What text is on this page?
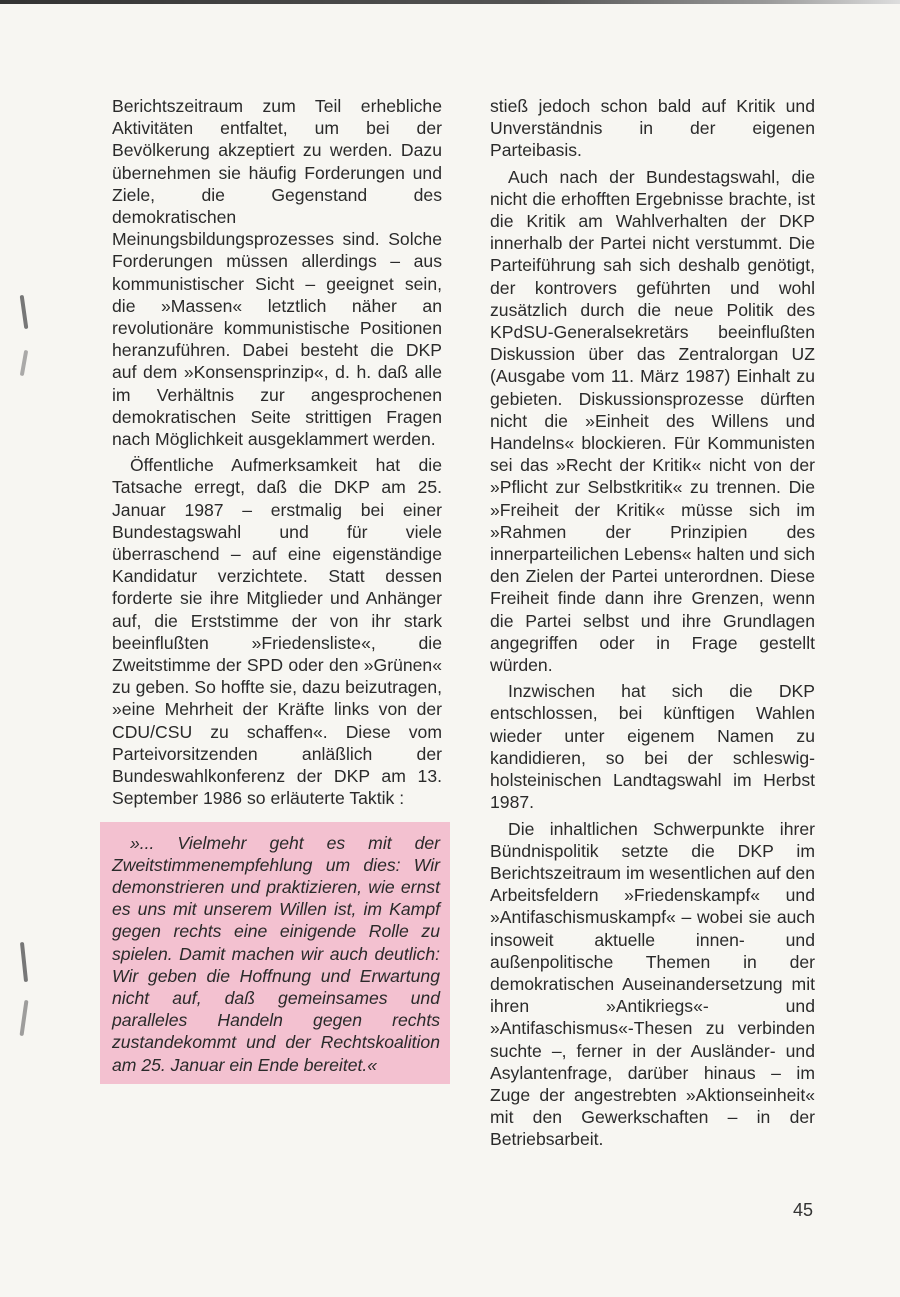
Berichtszeitraum zum Teil erhebliche Aktivitäten entfaltet, um bei der Bevölkerung akzeptiert zu werden. Dazu übernehmen sie häufig Forderungen und Ziele, die Gegenstand des demokratischen Meinungsbildungsprozesses sind. Solche Forderungen müssen allerdings – aus kommunistischer Sicht – geeignet sein, die »Massen« letztlich näher an revolutionäre kommunistische Positionen heranzuführen. Dabei besteht die DKP auf dem »Konsensprinzip«, d. h. daß alle im Verhältnis zur angesprochenen demokratischen Seite strittigen Fragen nach Möglichkeit ausgeklammert werden.

Öffentliche Aufmerksamkeit hat die Tatsache erregt, daß die DKP am 25. Januar 1987 – erstmalig bei einer Bundestagswahl und für viele überraschend – auf eine eigenständige Kandidatur verzichtete. Statt dessen forderte sie ihre Mitglieder und Anhänger auf, die Erststimme der von ihr stark beeinflußten »Friedensliste«, die Zweitstimme der SPD oder den »Grünen« zu geben. So hoffte sie, dazu beizutragen, »eine Mehrheit der Kräfte links von der CDU/CSU zu schaffen«. Diese vom Parteivorsitzenden anläßlich der Bundeswahlkonferenz der DKP am 13. September 1986 so erläuterte Taktik :

»... Vielmehr geht es mit der Zweitstimmenempfehlung um dies: Wir demonstrieren und praktizieren, wie ernst es uns mit unserem Willen ist, im Kampf gegen rechts eine einigende Rolle zu spielen. Damit machen wir auch deutlich: Wir geben die Hoffnung und Erwartung nicht auf, daß gemeinsames und paralleles Handeln gegen rechts zustandekommt und der Rechtskoalition am 25. Januar ein Ende bereitet.«

stieß jedoch schon bald auf Kritik und Unverständnis in der eigenen Parteibasis.

Auch nach der Bundestagswahl, die nicht die erhofften Ergebnisse brachte, ist die Kritik am Wahlverhalten der DKP innerhalb der Partei nicht verstummt. Die Parteiführung sah sich deshalb genötigt, der kontrovers geführten und wohl zusätzlich durch die neue Politik des KPdSU-Generalsekretärs beeinflußten Diskussion über das Zentralorgan UZ (Ausgabe vom 11. März 1987) Einhalt zu gebieten. Diskussionsprozesse dürften nicht die »Einheit des Willens und Handelns« blockieren. Für Kommunisten sei das »Recht der Kritik« nicht von der »Pflicht zur Selbstkritik« zu trennen. Die »Freiheit der Kritik« müsse sich im »Rahmen der Prinzipien des innerparteilichen Lebens« halten und sich den Zielen der Partei unterordnen. Diese Freiheit finde dann ihre Grenzen, wenn die Partei selbst und ihre Grundlagen angegriffen oder in Frage gestellt würden.

Inzwischen hat sich die DKP entschlossen, bei künftigen Wahlen wieder unter eigenem Namen zu kandidieren, so bei der schleswig-holsteinischen Landtagswahl im Herbst 1987.

Die inhaltlichen Schwerpunkte ihrer Bündnispolitik setzte die DKP im Berichtszeitraum im wesentlichen auf den Arbeitsfeldern »Friedenskampf« und »Antifaschismuskampf« – wobei sie auch insoweit aktuelle innen- und außenpolitische Themen in der demokratischen Auseinandersetzung mit ihren »Antikriegs«- und »Antifaschismus«-Thesen zu verbinden suchte –, ferner in der Ausländer- und Asylantenfrage, darüber hinaus – im Zuge der angestrebten »Aktionseinheit« mit den Gewerkschaften – in der Betriebsarbeit.

45
